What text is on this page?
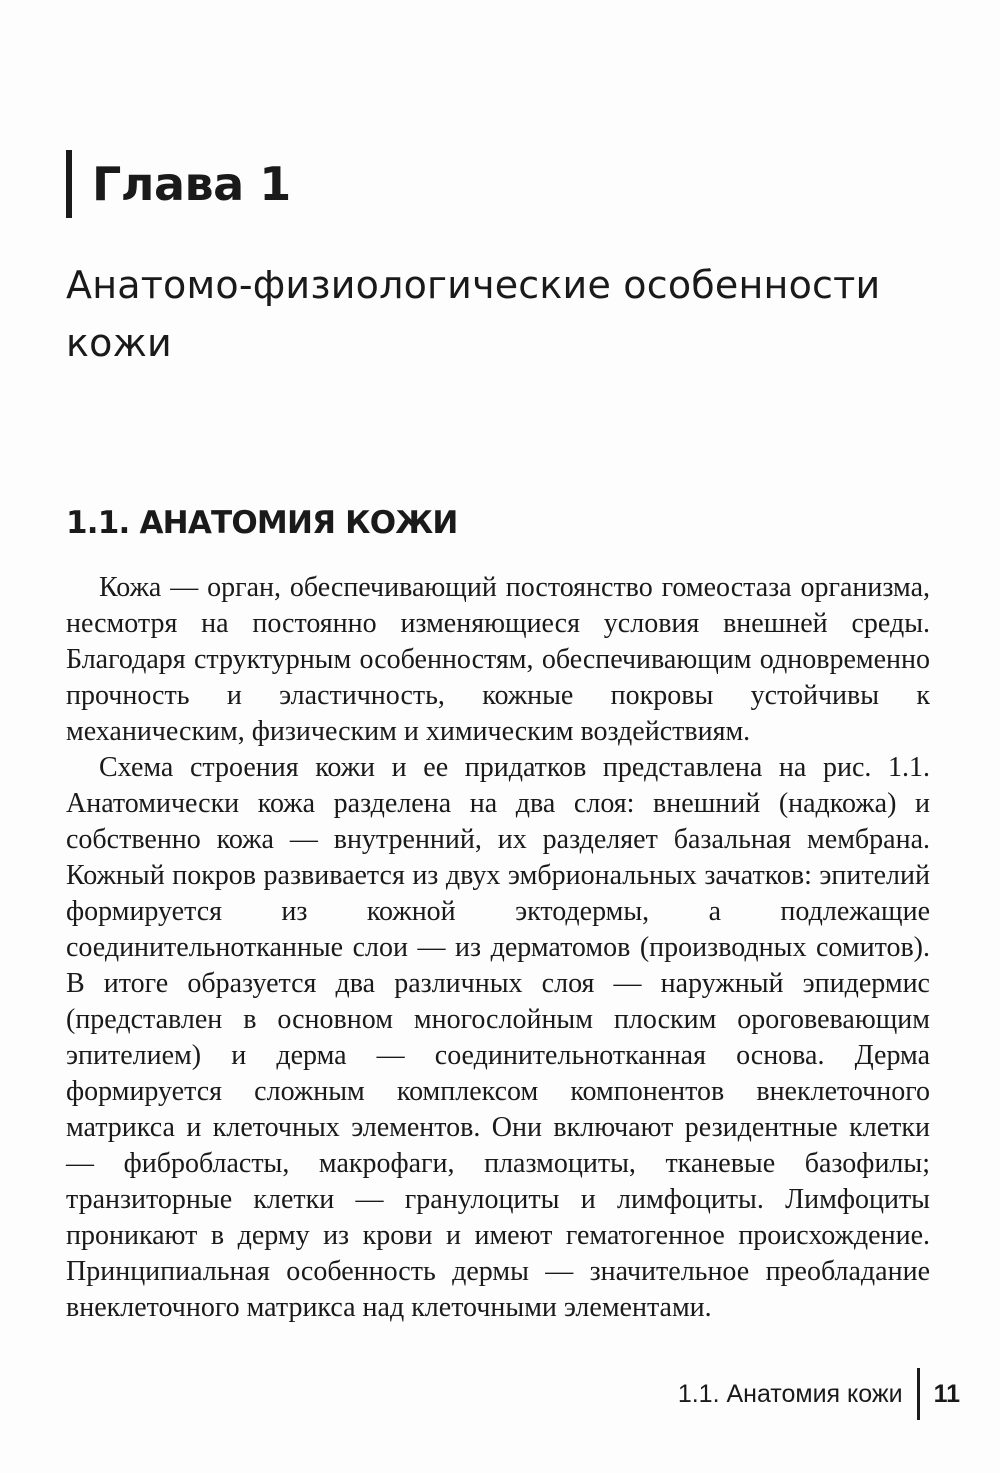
Глава 1
Анатомо-физиологические особенности кожи
1.1. АНАТОМИЯ КОЖИ

Кожа — орган, обеспечивающий постоянство гомеостаза организма, несмотря на постоянно изменяющиеся условия внешней среды. Благодаря структурным особенностям, обеспечивающим одновременно прочность и эластичность, кожные покровы устойчивы к механическим, физическим и химическим воздействиям.

Схема строения кожи и ее придатков представлена на рис. 1.1. Анатомически кожа разделена на два слоя: внешний (надкожа) и собственно кожа — внутренний, их разделяет базальная мембрана. Кожный покров развивается из двух эмбриональных зачатков: эпителий формируется из кожной эктодермы, а подлежащие соединительнотканные слои — из дерматомов (производных сомитов). В итоге образуется два различных слоя — наружный эпидермис (представлен в основном многослойным плоским ороговевающим эпителием) и дерма — соединительнотканная основа. Дерма формируется сложным комплексом компонентов внеклеточного матрикса и клеточных элементов. Они включают резидентные клетки — фибробласты, макрофаги, плазмоциты, тканевые базофилы; транзиторные клетки — гранулоциты и лимфоциты. Лимфоциты проникают в дерму из крови и имеют гематогенное происхождение. Принципиальная особенность дермы — значительное преобладание внеклеточного матрикса над клеточными элементами.

1.1. Анатомия кожи	11
